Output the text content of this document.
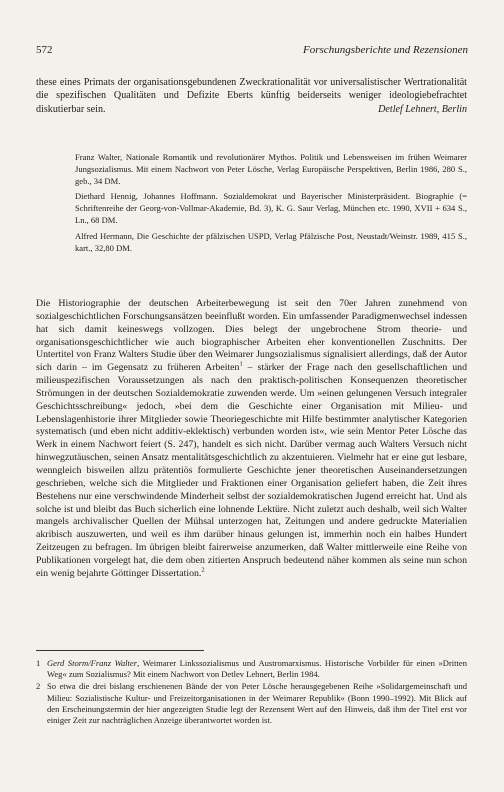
572	Forschungsberichte und Rezensionen

these eines Primats der organisationsgebundenen Zweckrationalität vor universalistischer Wertrationalität die spezifischen Qualitäten und Defizite Eberts künftig beiderseits weniger ideologiebefrachtet diskutierbar sein.	Detlef Lehnert, Berlin

Franz Walter, Nationale Romantik und revolutionärer Mythos. Politik und Lebensweisen im frühen Weimarer Jungsozialismus. Mit einem Nachwort von Peter Lösche, Verlag Europäische Perspektiven, Berlin 1986, 280 S., geb., 34 DM.

Diethard Hennig, Johannes Hoffmann. Sozialdemokrat und Bayerischer Ministerpräsident. Biographie (= Schriftenreihe der Georg-von-Vollmar-Akademie, Bd. 3), K. G. Saur Verlag, München etc. 1990, XVII + 634 S., Ln., 68 DM.

Alfred Hermann, Die Geschichte der pfälzischen USPD, Verlag Pfälzische Post, Neustadt/Weinstr. 1989, 415 S., kart., 32,80 DM.

Die Historiographie der deutschen Arbeiterbewegung ist seit den 70er Jahren zunehmend von sozialgeschichtlichen Forschungsansätzen beeinflußt worden. Ein umfassender Paradigmenwechsel indessen hat sich damit keineswegs vollzogen. Dies belegt der ungebrochene Strom theorie- und organisationsgeschichtlicher wie auch biographischer Arbeiten eher konventionellen Zuschnitts. Der Untertitel von Franz Walters Studie über den Weimarer Jungsozialismus signalisiert allerdings, daß der Autor sich darin – im Gegensatz zu früheren Arbeiten$^1$ – stärker der Frage nach den gesellschaftlichen und milieuspezifischen Voraussetzungen als nach den praktisch-politischen Konsequenzen theoretischer Strömungen in der deutschen Sozialdemokratie zuwenden werde. Um »einen gelungenen Versuch integraler Geschichtsschreibung« jedoch, »bei dem die Geschichte einer Organisation mit Milieu- und Lebenslagenhistorie ihrer Mitglieder sowie Theoriegeschichte mit Hilfe bestimmter analytischer Kategorien systematisch (und eben nicht additiv-eklektisch) verbunden worden ist«, wie sein Mentor Peter Lösche das Werk in einem Nachwort feiert (S. 247), handelt es sich nicht. Darüber vermag auch Walters Versuch nicht hinwegzutäuschen, seinen Ansatz mentalitätsgeschichtlich zu akzentuieren. Vielmehr hat er eine gut lesbare, wenngleich bisweilen allzu prätentiös formulierte Geschichte jener theoretischen Auseinandersetzungen geschrieben, welche sich die Mitglieder und Fraktionen einer Organisation geliefert haben, die Zeit ihres Bestehens nur eine verschwindende Minderheit selbst der sozialdemokratischen Jugend erreicht hat. Und als solche ist und bleibt das Buch sicherlich eine lohnende Lektüre. Nicht zuletzt auch deshalb, weil sich Walter mangels archivalischer Quellen der Mühsal unterzogen hat, Zeitungen und andere gedruckte Materialien akribisch auszuwerten, und weil es ihm darüber hinaus gelungen ist, immerhin noch ein halbes Hundert Zeitzeugen zu befragen. Im übrigen bleibt fairerweise anzumerken, daß Walter mittlerweile eine Reihe von Publikationen vorgelegt hat, die dem oben zitierten Anspruch bedeutend näher kommen als seine nun schon ein wenig bejahrte Göttinger Dissertation.$^2$

1 Gerd Storm/Franz Walter, Weimarer Linkssozialismus und Austromarxismus. Historische Vorbilder für einen »Dritten Weg« zum Sozialismus? Mit einem Nachwort von Detlev Lehnert, Berlin 1984.

2 So etwa die drei bislang erschienenen Bände der von Peter Lösche herausgegebenen Reihe »Solidargemeinschaft und Milieu: Sozialistische Kultur- und Freizeitorganisationen in der Weimarer Republik« (Bonn 1990–1992). Mit Blick auf den Erscheinungstermin der hier angezeigten Studie legt der Rezensent Wert auf den Hinweis, daß ihm der Titel erst vor einiger Zeit zur nachträglichen Anzeige überantwortet worden ist.
